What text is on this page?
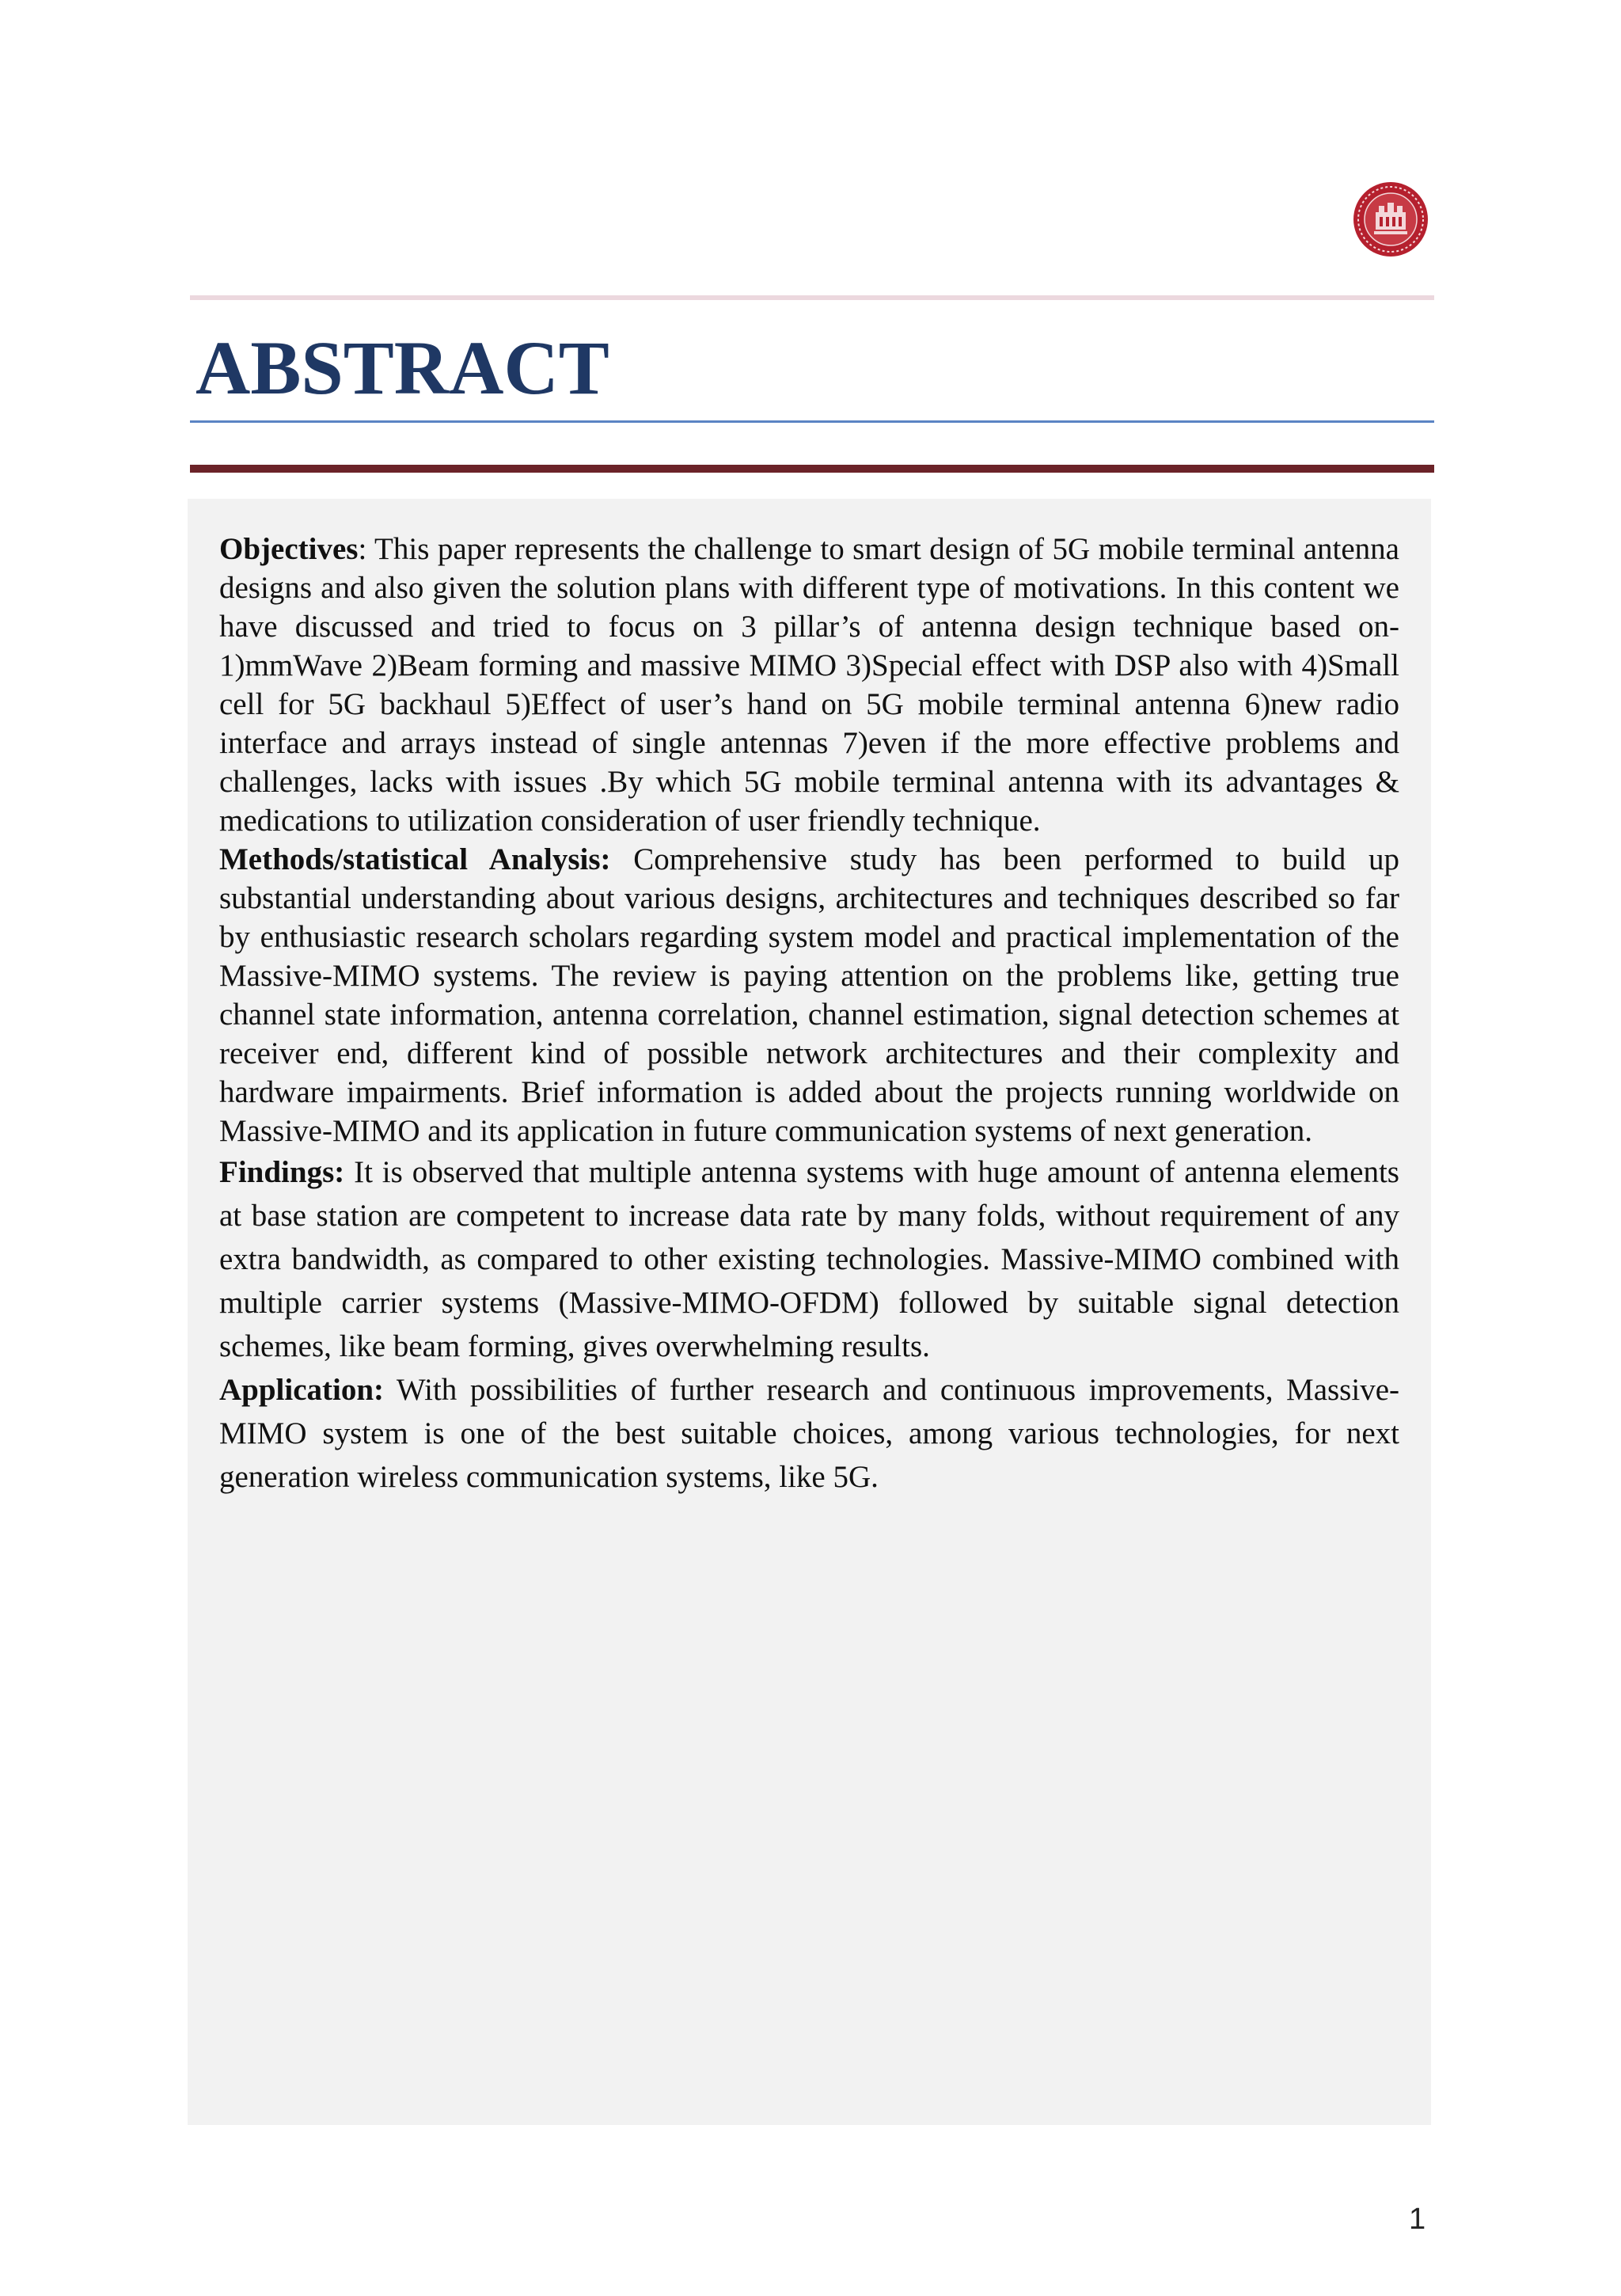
ABSTRACT

Objectives: This paper represents the challenge to smart design of 5G mobile terminal antenna designs and also given the solution plans with different type of motivations. In this content we have discussed and tried to focus on 3 pillar’s of antenna design technique based on- 1)mmWave 2)Beam forming and massive MIMO 3)Special effect with DSP also with 4)Small cell for 5G backhaul 5)Effect of user’s hand on 5G mobile terminal antenna 6)new radio interface and arrays instead of single antennas 7)even if the more effective problems and challenges, lacks with issues .By which 5G mobile terminal antenna with its advantages & medications to utilization consideration of user friendly technique.

Methods/statistical Analysis: Comprehensive study has been performed to build up substantial understanding about various designs, architectures and techniques described so far by enthusiastic research scholars regarding system model and practical implementation of the Massive-MIMO systems. The review is paying attention on the problems like, getting true channel state information, antenna correlation, channel estimation, signal detection schemes at receiver end, different kind of possible network architectures and their complexity and hardware impairments. Brief information is added about the projects running worldwide on Massive-MIMO and its application in future communication systems of next generation.

Findings: It is observed that multiple antenna systems with huge amount of antenna elements at base station are competent to increase data rate by many folds, without requirement of any extra bandwidth, as compared to other existing technologies. Massive-MIMO combined with multiple carrier systems (Massive-MIMO-OFDM) followed by suitable signal detection schemes, like beam forming, gives overwhelming results.

Application: With possibilities of further research and continuous improvements, Massive-MIMO system is one of the best suitable choices, among various technologies, for next generation wireless communication systems, like 5G.

1
